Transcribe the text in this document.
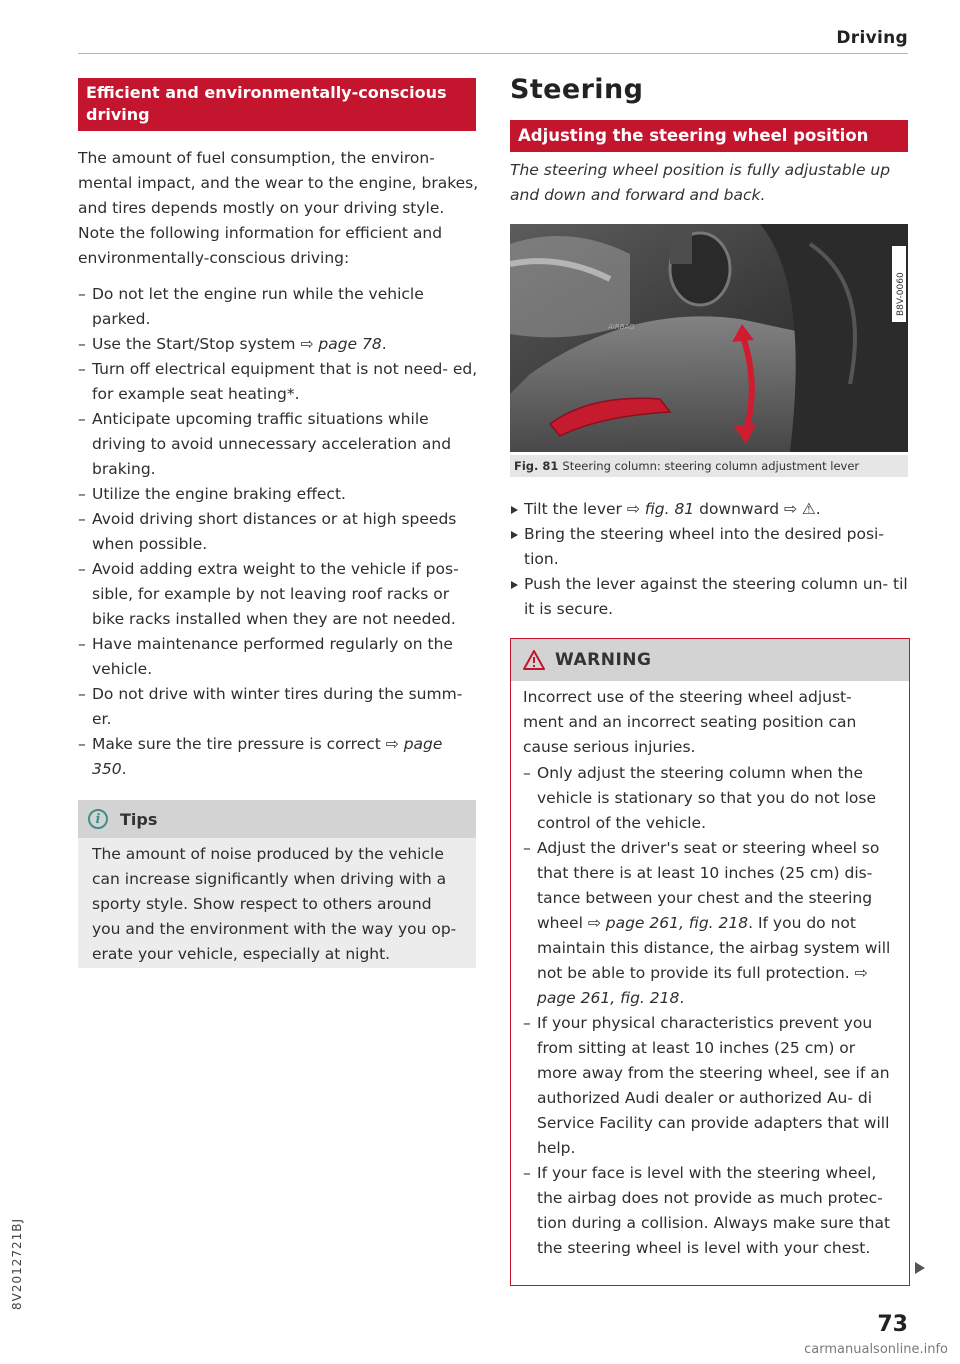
Driving
Efficient and environmentally-conscious driving

The amount of fuel consumption, the environ- mental impact, and the wear to the engine, brakes, and tires depends mostly on your driving style. Note the following information for efficient and environmentally-conscious driving:

– Do not let the engine run while the vehicle parked.
– Use the Start/Stop system ⇨ page 78.
– Turn off electrical equipment that is not need- ed, for example seat heating*.
– Anticipate upcoming traffic situations while driving to avoid unnecessary acceleration and braking.
– Utilize the engine braking effect.
– Avoid driving short distances or at high speeds when possible.
– Avoid adding extra weight to the vehicle if pos- sible, for example by not leaving roof racks or bike racks installed when they are not needed.
– Have maintenance performed regularly on the vehicle.
– Do not drive with winter tires during the summ- er.
– Make sure the tire pressure is correct ⇨ page 350.
i	Tips
The amount of noise produced by the vehicle can increase significantly when driving with a sporty style. Show respect to others around you and the environment with the way you op- erate your vehicle, especially at night.
Steering
Adjusting the steering wheel position
The steering wheel position is fully adjustable up and down and forward and back.
AIRBAG
B8V-0060
Fig. 81 Steering column: steering column adjustment lever
Tilt the lever ⇨ fig. 81 downward ⇨ ⚠.
Bring the steering wheel into the desired posi- tion.
Push the lever against the steering column un- til it is secure.
WARNING

Incorrect use of the steering wheel adjust- ment and an incorrect seating position can cause serious injuries.

– Only adjust the steering column when the vehicle is stationary so that you do not lose control of the vehicle.
– Adjust the driver's seat or steering wheel so that there is at least 10 inches (25 cm) dis- tance between your chest and the steering wheel ⇨ page 261, fig. 218. If you do not maintain this distance, the airbag system will not be able to provide its full protection. ⇨ page 261, fig. 218.
– If your physical characteristics prevent you from sitting at least 10 inches (25 cm) or more away from the steering wheel, see if an authorized Audi dealer or authorized Au- di Service Facility can provide adapters that will help.
– If your face is level with the steering wheel, the airbag does not provide as much protec- tion during a collision. Always make sure that the steering wheel is level with your chest.
73
8V2012721BJ
carmanualsonline.info
